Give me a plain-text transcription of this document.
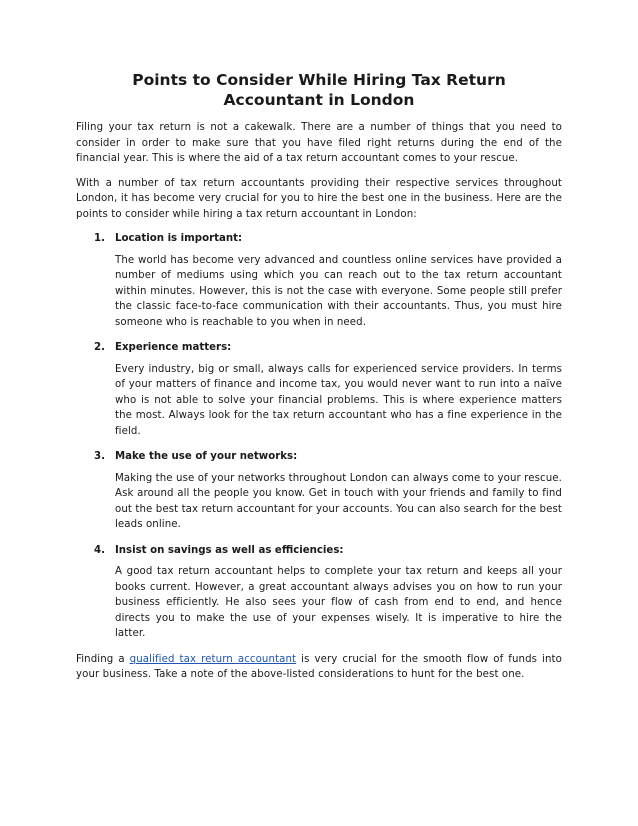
Points to Consider While Hiring Tax Return Accountant in London

Filing your tax return is not a cakewalk. There are a number of things that you need to consider in order to make sure that you have filed right returns during the end of the financial year. This is where the aid of a tax return accountant comes to your rescue.

With a number of tax return accountants providing their respective services throughout London, it has become very crucial for you to hire the best one in the business. Here are the points to consider while hiring a tax return accountant in London:

1. Location is important:

The world has become very advanced and countless online services have provided a number of mediums using which you can reach out to the tax return accountant within minutes. However, this is not the case with everyone. Some people still prefer the classic face-to-face communication with their accountants. Thus, you must hire someone who is reachable to you when in need.

2. Experience matters:

Every industry, big or small, always calls for experienced service providers. In terms of your matters of finance and income tax, you would never want to run into a naïve who is not able to solve your financial problems. This is where experience matters the most. Always look for the tax return accountant who has a fine experience in the field.

3. Make the use of your networks:

Making the use of your networks throughout London can always come to your rescue. Ask around all the people you know. Get in touch with your friends and family to find out the best tax return accountant for your accounts. You can also search for the best leads online.

4. Insist on savings as well as efficiencies:

A good tax return accountant helps to complete your tax return and keeps all your books current. However, a great accountant always advises you on how to run your business efficiently. He also sees your flow of cash from end to end, and hence directs you to make the use of your expenses wisely. It is imperative to hire the latter.

Finding a qualified tax return accountant is very crucial for the smooth flow of funds into your business. Take a note of the above-listed considerations to hunt for the best one.
